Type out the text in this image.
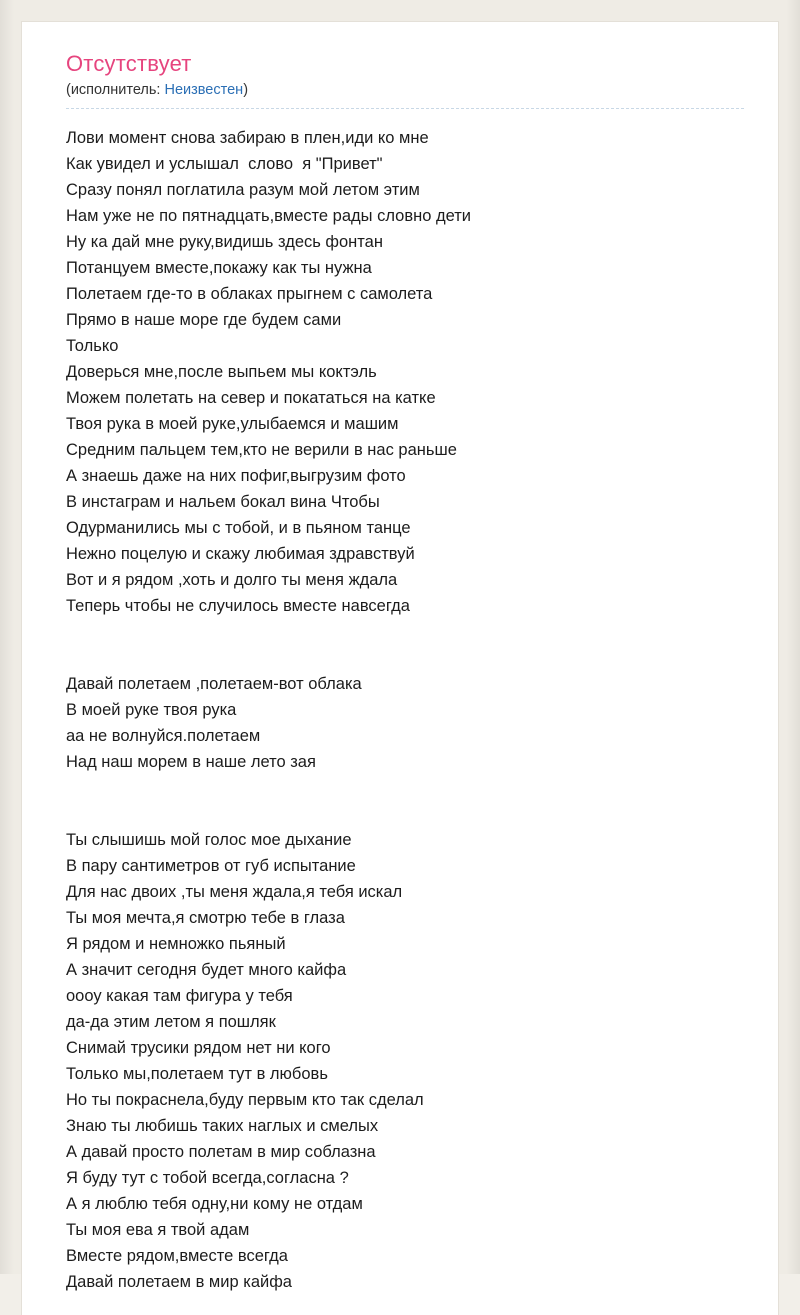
Отсутствует

(исполнитель: Неизвестен)

Лови момент снова забираю в плен,иди ко мне
Как увидел и услышал  слово  я "Привет"
Сразу понял поглатила разум мой летом этим
Нам уже не по пятнадцать,вместе рады словно дети
Ну ка дай мне руку,видишь здесь фонтан
Потанцуем вместе,покажу как ты нужна
Полетаем где-то в облаках прыгнем с самолета
Прямо в наше море где будем сами
Только
Доверься мне,после выпьем мы коктэль
Можем полетать на север и покататься на катке
Твоя рука в моей руке,улыбаемся и машим
Средним пальцем тем,кто не верили в нас раньше
А знаешь даже на них пофиг,выгрузим фото
В инстаграм и нальем бокал вина Чтобы
Одурманились мы с тобой, и в пьяном танце
Нежно поцелую и скажу любимая здравствуй
Вот и я рядом ,хоть и долго ты меня ждала
Теперь чтобы не случилось вместе навсегда
Давай полетаем ,полетаем-вот облака
В моей руке твоя рука
аа не волнуйся.полетаем
Над наш морем в наше лето зая
Ты слышишь мой голос мое дыхание
В пару сантиметров от губ испытание
Для нас двоих ,ты меня ждала,я тебя искал
Ты моя мечта,я смотрю тебе в глаза
Я рядом и немножко пьяный
А значит сегодня будет много кайфа
оооу какая там фигура у тебя
да-да этим летом я пошляк
Снимай трусики рядом нет ни кого
Только мы,полетаем тут в любовь
Но ты покраснела,буду первым кто так сделал
Знаю ты любишь таких наглых и смелых
А давай просто полетам в мир соблазна
Я буду тут с тобой всегда,согласна ?
А я люблю тебя одну,ни кому не отдам
Ты моя ева я твой адам
Вместе рядом,вместе всегда
Давай полетаем в мир кайфа
